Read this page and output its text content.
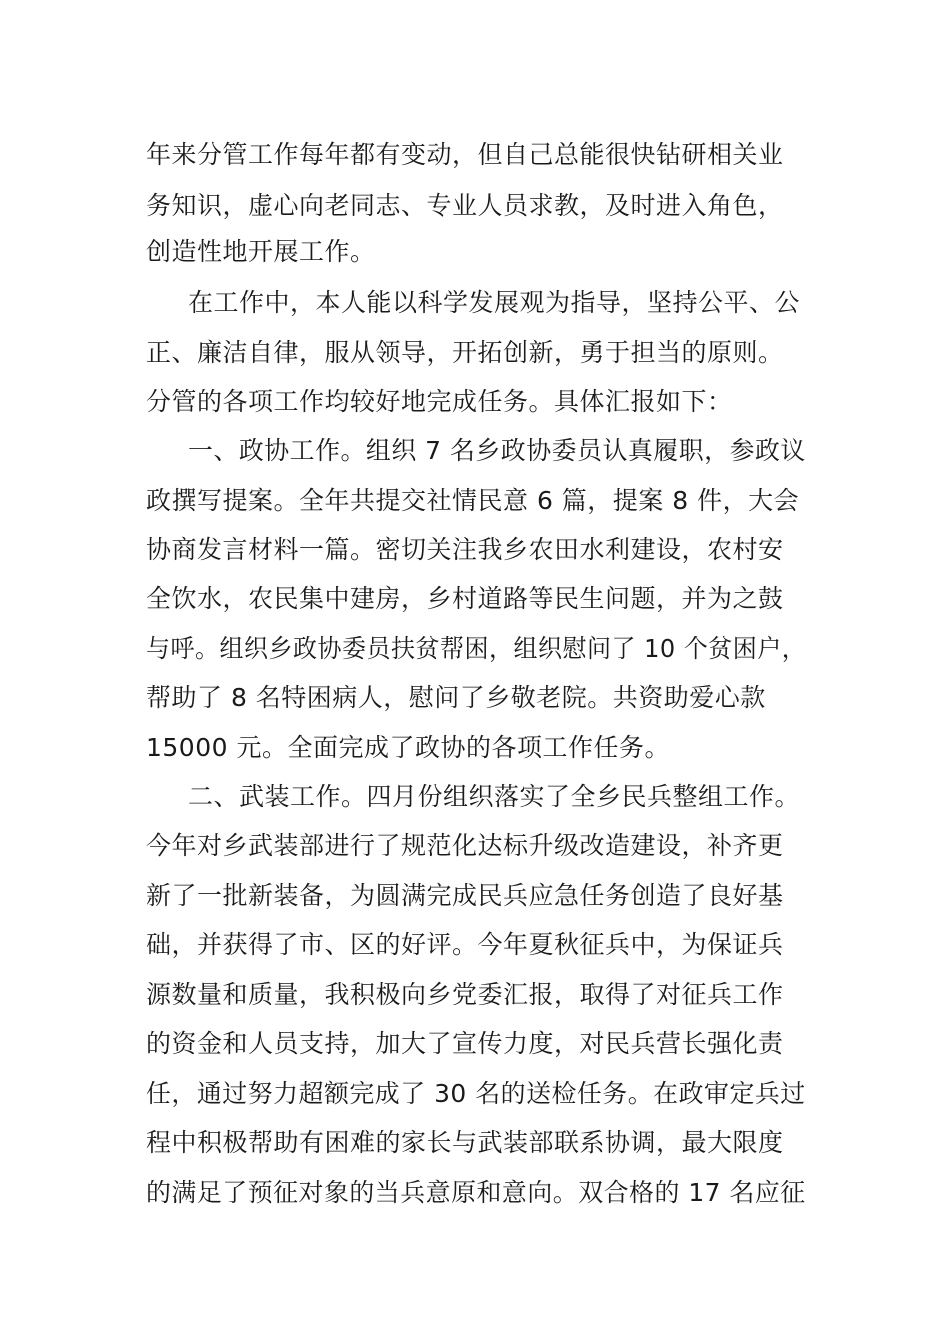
年来分管工作每年都有变动，但自己总能很快钻研相关业
务知识，虚心向老同志、专业人员求教，及时进入角色，
创造性地开展工作。
在工作中，本人能以科学发展观为指导，坚持公平、公
正、廉洁自律，服从领导，开拓创新，勇于担当的原则。
分管的各项工作均较好地完成任务。具体汇报如下：
一、政协工作。组织 7 名乡政协委员认真履职，参政议
政撰写提案。全年共提交社情民意 6 篇，提案 8 件，大会
协商发言材料一篇。密切关注我乡农田水利建设，农村安
全饮水，农民集中建房，乡村道路等民生问题，并为之鼓
与呼。组织乡政协委员扶贫帮困，组织慰问了 10 个贫困户，
帮助了 8 名特困病人，慰问了乡敬老院。共资助爱心款
15000 元。全面完成了政协的各项工作任务。
二、武装工作。四月份组织落实了全乡民兵整组工作。
今年对乡武装部进行了规范化达标升级改造建设，补齐更
新了一批新装备，为圆满完成民兵应急任务创造了良好基
础，并获得了市、区的好评。今年夏秋征兵中，为保证兵
源数量和质量，我积极向乡党委汇报，取得了对征兵工作
的资金和人员支持，加大了宣传力度，对民兵营长强化责
任，通过努力超额完成了 30 名的送检任务。在政审定兵过
程中积极帮助有困难的家长与武装部联系协调，最大限度
的满足了预征对象的当兵意原和意向。双合格的 17 名应征
